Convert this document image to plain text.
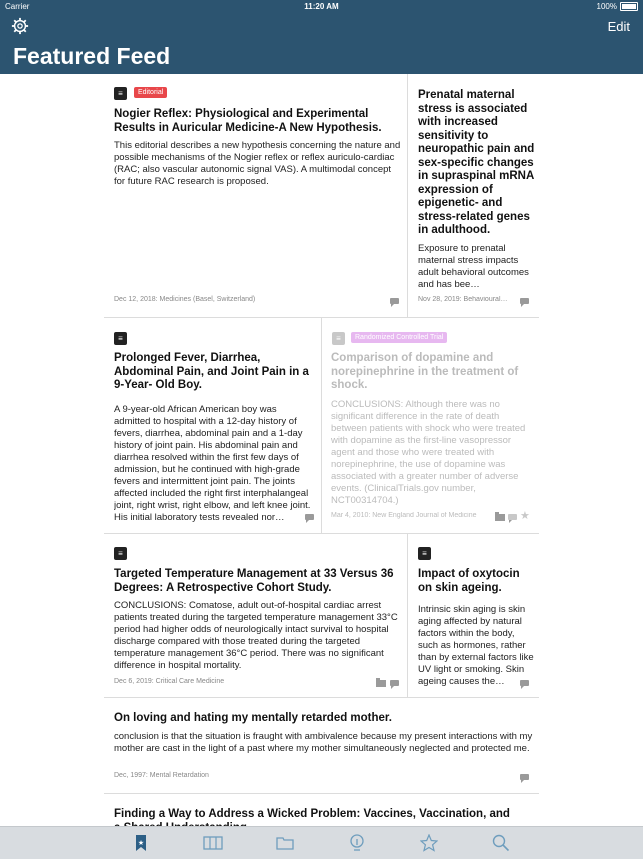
Carrier	11:20 AM	100%
Edit
Featured Feed
≡	Editorial
Nogier Reflex: Physiological and Experimental Results in Auricular Medicine-A New Hypothesis.
This editorial describes a new hypothesis concerning the nature and possible mechanisms of the Nogier reflex or reflex auriculo-cardiac (RAC; also vascular autonomic signal VAS). A multimodal concept for future RAC research is proposed.
Dec 12, 2018: Medicines (Basel, Switzerland)
Prenatal maternal stress is associated with increased sensitivity to neuropathic pain and sex-specific changes in supraspinal mRNA expression of epigenetic- and stress-related genes in adulthood.
Exposure to prenatal maternal stress impacts adult behavioral outcomes and has bee…
Nov 28, 2019: Behavioural…
≡
Prolonged Fever, Diarrhea, Abdominal Pain, and Joint Pain in a 9-Year- Old Boy.
A 9-year-old African American boy was admitted to hospital with a 12-day history of fevers, diarrhea, abdominal pain and a 1-day history of joint pain. His abdominal pain and diarrhea resolved within the first few days of admission, but he continued with high-grade fevers and intermittent joint pain. The joints affected included the right first interphalangeal joint, right wrist, right elbow, and left knee joint. His initial laboratory tests revealed nor…
≡	Randomized Controlled Trial
Comparison of dopamine and norepinephrine in the treatment of shock.
CONCLUSIONS: Although there was no significant difference in the rate of death between patients with shock who were treated with dopamine as the first-line vasopressor agent and those who were treated with norepinephrine, the use of dopamine was associated with a greater number of adverse events. (ClinicalTrials.gov number, NCT00314704.)
Mar 4, 2010: New England Journal of Medicine	★
≡
Targeted Temperature Management at 33 Versus 36 Degrees: A Retrospective Cohort Study.
CONCLUSIONS: Comatose, adult out-of-hospital cardiac arrest patients treated during the targeted temperature management 33°C period had higher odds of neurologically intact survival to hospital discharge compared with those treated during the targeted temperature management 36°C period. There was no significant difference in hospital mortality.
Dec 6, 2019: Critical Care Medicine
≡
Impact of oxytocin on skin ageing.
Intrinsic skin aging is skin aging affected by natural factors within the body, such as hormones, rather than by external factors like UV light or smoking. Skin ageing causes the…
On loving and hating my mentally retarded mother.
conclusion is that the situation is fraught with ambivalence because my present interactions with my mother are cast in the light of a past where my mother simultaneously neglected and protected me.
Dec, 1997: Mental Retardation
Finding a Way to Address a Wicked Problem: Vaccines, Vaccination, and
★
